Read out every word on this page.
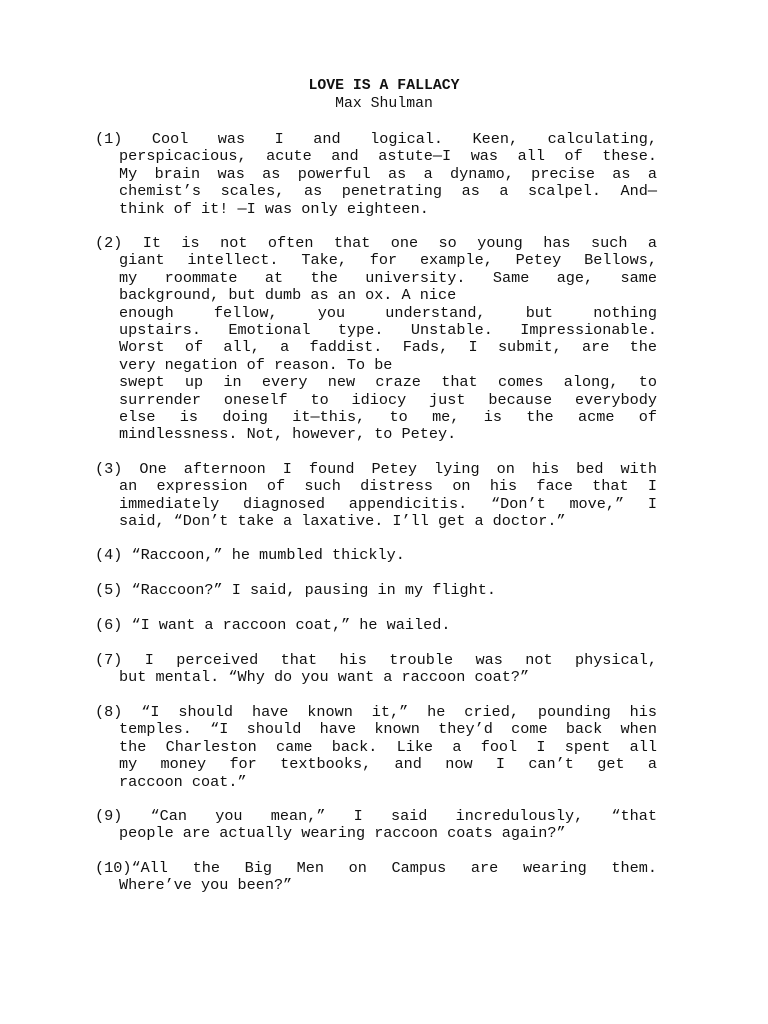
LOVE IS A FALLACY
Max Shulman
(1) Cool was I and logical. Keen, calculating,
perspicacious, acute and astute—I was all of these.
My brain was as powerful as a dynamo, precise as a
chemist’s scales, as penetrating as a scalpel. And—
think of it! —I was only eighteen.
(2) It is not often that one so young has such a
giant intellect. Take, for example, Petey Bellows,
my roommate at the university. Same age, same
background, but dumb as an ox. A nice
enough fellow, you understand, but nothing
upstairs. Emotional type. Unstable. Impressionable.
Worst of all, a faddist. Fads, I submit, are the
very negation of reason. To be
swept up in every new craze that comes along, to
surrender oneself to idiocy just because everybody
else is doing it—this, to me, is the acme of
mindlessness. Not, however, to Petey.
(3) One afternoon I found Petey lying on his bed with
an expression of such distress on his face that I
immediately diagnosed appendicitis. “Don’t move,” I
said, “Don’t take a laxative. I’ll get a doctor.”
(4) “Raccoon,” he mumbled thickly.
(5) “Raccoon?” I said, pausing in my flight.
(6) “I want a raccoon coat,” he wailed.
(7) I perceived that his trouble was not physical,
but mental. “Why do you want a raccoon coat?”
(8) “I should have known it,” he cried, pounding his
temples. “I should have known they’d come back when
the Charleston came back. Like a fool I spent all
my money for textbooks, and now I can’t get a
raccoon coat.”
(9) “Can you mean,” I said incredulously, “that
people are actually wearing raccoon coats again?”
(10)“All the Big Men on Campus are wearing them.
Where’ve you been?”
